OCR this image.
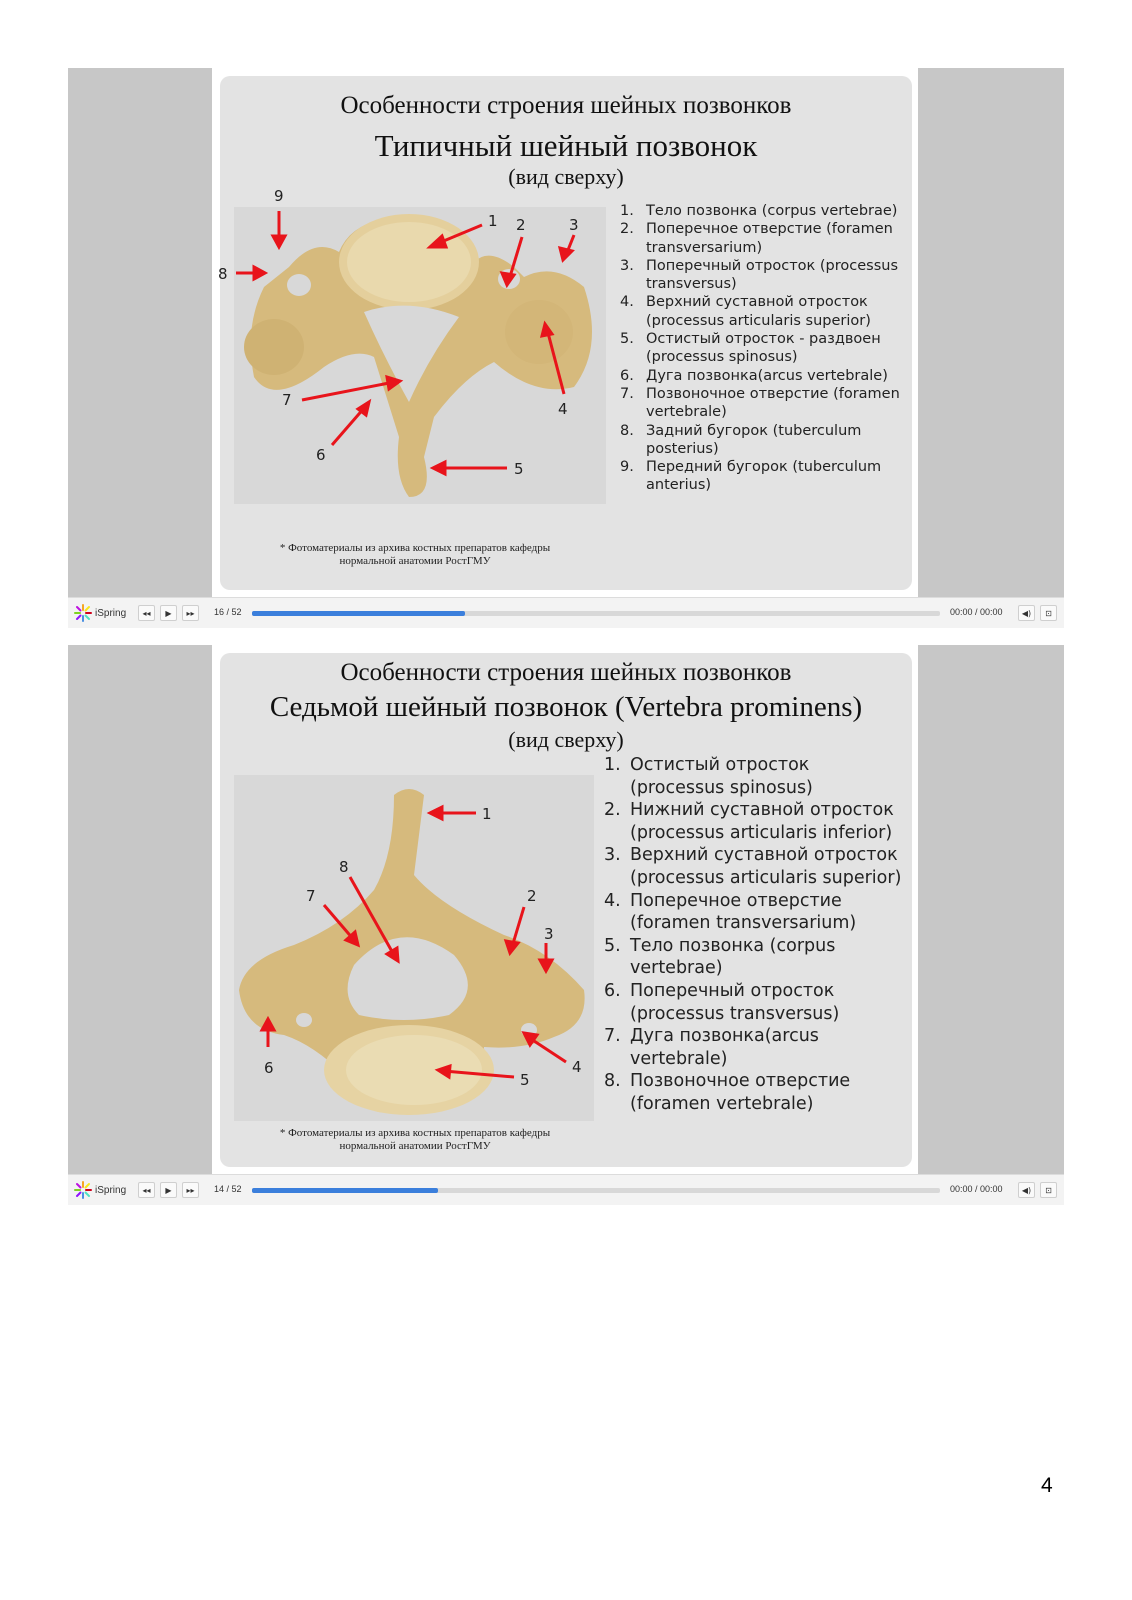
Особенности строения шейных позвонков
Типичный шейный позвонок
(вид сверху)
1 2	3
4
5
6
7
8
9
1. Тело позвонка (corpus vertebrae)
2. Поперечное отверстие (foramen transversarium)
3. Поперечный отросток (processus transversus)
4. Верхний суставной отросток (processus articularis superior)
5. Остистый отросток - раздвоен (processus spinosus)
6. Дуга позвонка(arcus vertebrale)
7. Позвоночное отверстие (foramen vertebrale)
8. Задний бугорок (tuberculum posterius)
9. Передний бугорок (tuberculum anterius)
* Фотоматериалы из архива костных препаратов кафедры
нормальной анатомии РостГМУ
iSpring ◂◂ ▶ ▸▸ 16 / 52	00:00 / 00:00 ◀) ⊡
Особенности строения шейных позвонков
Седьмой шейный позвонок (Vertebra prominens)
(вид сверху)
1
2
3
4
5
6
7
8
1. Остистый отросток (processus spinosus)
2. Нижний суставной отросток (processus articularis inferior)
3. Верхний суставной отросток (processus articularis superior)
4. Поперечное отверстие (foramen transversarium)
5. Тело позвонка (corpus vertebrae)
6. Поперечный отросток (processus transversus)
7. Дуга позвонка(arcus vertebrale)
8. Позвоночное отверстие (foramen vertebrale)
* Фотоматериалы из архива костных препаратов кафедры
нормальной анатомии РостГМУ
iSpring ◂◂ ▶ ▸▸ 14 / 52	00:00 / 00:00 ◀) ⊡
4
